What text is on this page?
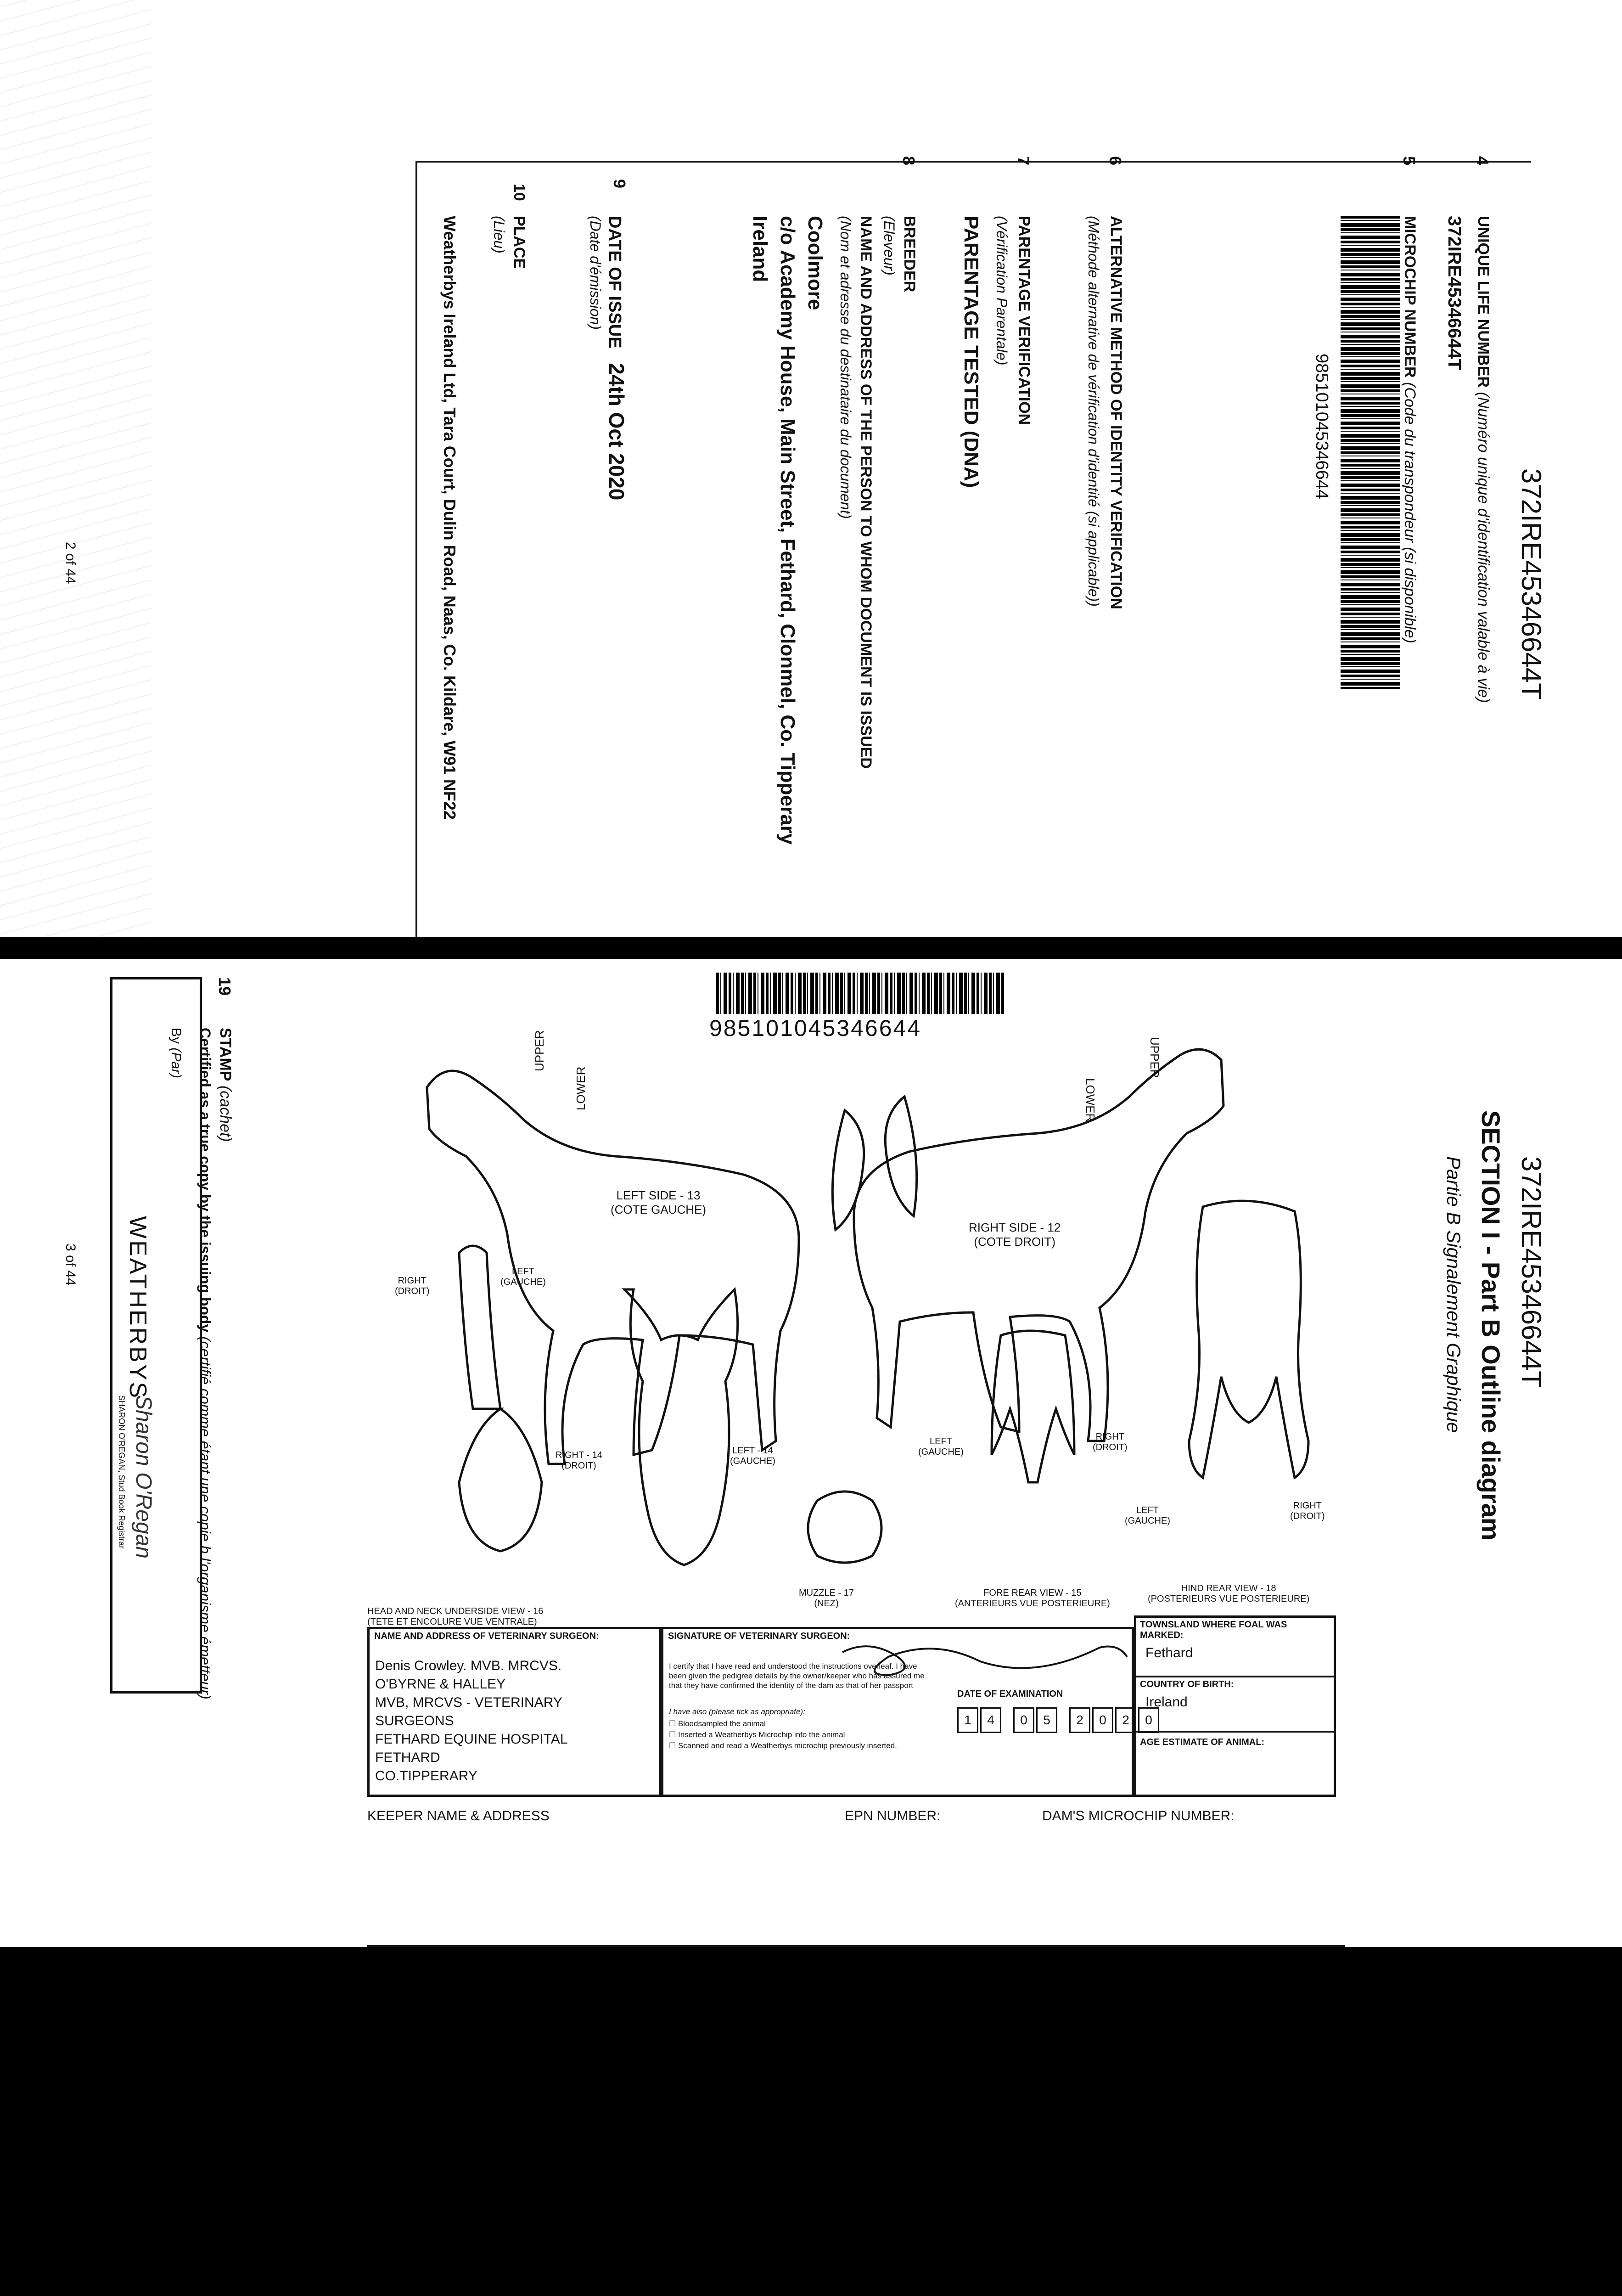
372IRE45346644T
UNIQUE LIFE NUMBER (Numéro unique d'identification valable à vie)
372IRE45346644T
MICROCHIP NUMBER (Code du transpondeur (si disponible)
985101045346644
ALTERNATIVE METHOD OF IDENTITY VERIFICATION
(Méthode alternative de vérification d'identité (si applicable))
PARENTAGE VERIFICATION
(Vérification Parentale)
PARENTAGE TESTED (DNA)
BREEDER
(Eleveur)
NAME AND ADDRESS OF THE PERSON TO WHOM DOCUMENT IS ISSUED
(Nom et adresse du destinataire du document)
Coolmore
c/o Academy House, Main Street, Fethard, Clonmel, Co. Tipperary
Ireland
9
DATE OF ISSUE   24th Oct 2020
(Date d'émission)
10
PLACE
(Lieu)
Weatherbys Ireland Ltd, Tara Court, Dulin Road, Naas, Co. Kildare, W91 NF22
2 of 44
372IRE45346644T
SECTION I - Part B Outline diagram
Partie B Signalement Graphique
985101045346644
UPPER
LOWER
UPPER
LOWER
LEFT SIDE - 13
(COTE GAUCHE)
RIGHT SIDE - 12
(COTE DROIT)
RIGHT
(DROIT)
LEFT
(GAUCHE)
RIGHT - 14
(DROIT)
LEFT - 14
(GAUCHE)
LEFT
(GAUCHE)
RIGHT
(DROIT)
LEFT
(GAUCHE)
RIGHT
(DROIT)
MUZZLE - 17
(NEZ)
FORE REAR VIEW - 15
(ANTERIEURS VUE POSTERIEURE)
HIND REAR VIEW - 18
(POSTERIEURS VUE POSTERIEURE)
HEAD AND NECK UNDERSIDE VIEW - 16
(TETE ET ENCOLURE VUE VENTRALE)
NAME AND ADDRESS OF VETERINARY SURGEON:
Denis Crowley. MVB. MRCVS.
O'BYRNE & HALLEY
MVB, MRCVS - VETERINARY
SURGEONS
FETHARD EQUINE HOSPITAL
FETHARD
CO.TIPPERARY
SIGNATURE OF VETERINARY SURGEON:
I certify that I have read and understood the instructions overleaf. I have been given the pedigree details by the owner/keeper who has assured me that they have confirmed the identity of the dam as that of her passport
I have also (please tick as appropriate):
☐ Bloodsampled the animal
☐ Inserted a Weatherbys Microchip into the animal
☐ Scanned and read a Weatherbys microchip previously inserted.
DATE OF EXAMINATION
1	4	0	5	2	0	2	0
TOWNSLAND WHERE FOAL WAS MARKED:
Fethard
COUNTRY OF BIRTH:
Ireland
AGE ESTIMATE OF ANIMAL:
KEEPER NAME & ADDRESS	EPN NUMBER:	DAM'S MICROCHIP NUMBER:
19
STAMP (cachet)
Certified as a true copy by the issuing body (certifié comme étant une copie b l'organisme émetteur)
By (Par)
WEATHERBYS
Sharon O'Regan
SHARON O'REGAN, Stud Book Registrar
3 of 44
